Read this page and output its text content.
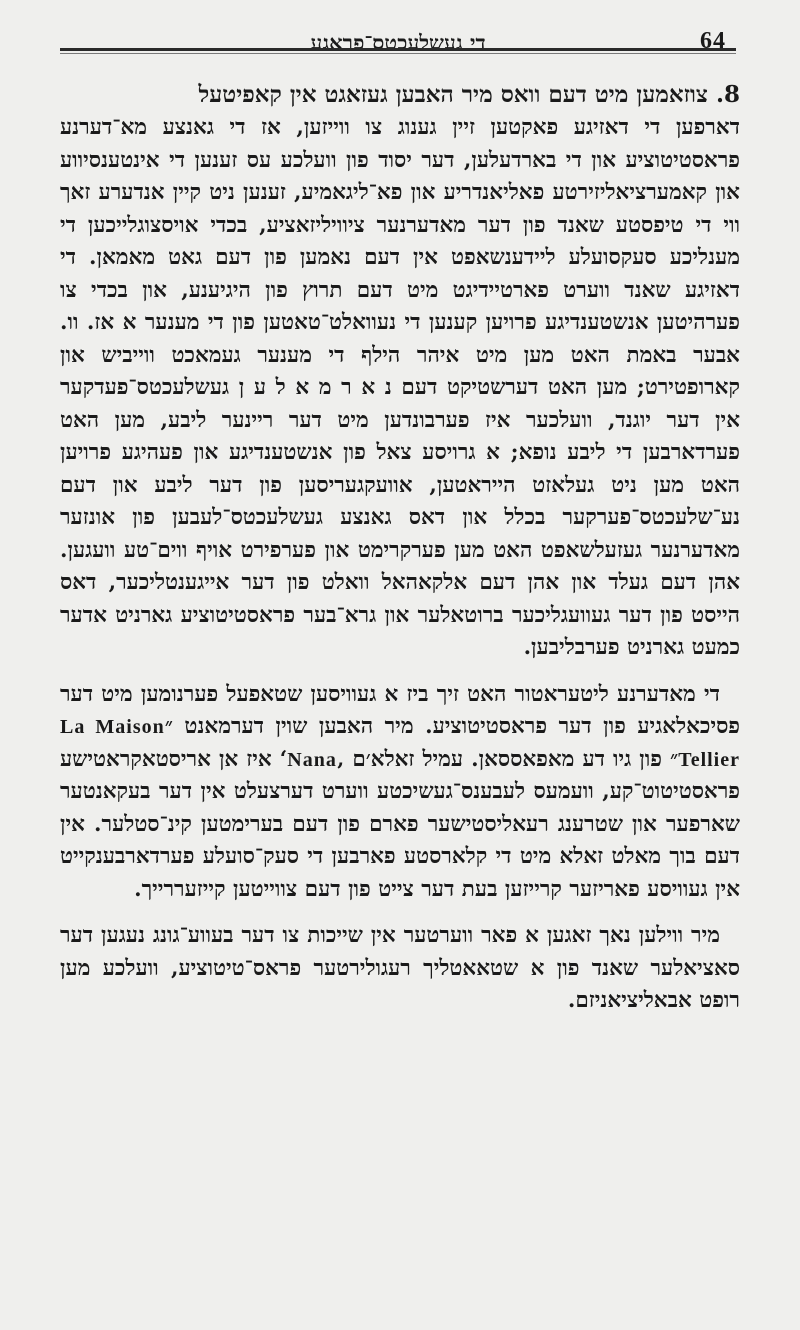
די געשלעכטס־פראגע	64

8. צוזאמען מיט דעם וואס מיר האבען געזאגט אין קאפיטעל

דארפען די דאזיגע פאקטען זיין גענוג צו ווייזען, אז די גאנצע מא־דערנע פראסטיטוציע און די בארדעלען, דער יסוד פון וועלכע עס זענען די אינטענסיווע און קאמערציאליזירטע פאליאנדריע און פא־ליגאמיע, זענען ניט קיין אנדערע זאך ווי די טיפסטע שאנד פון דער מאדערנער ציוויליזאציע, בכדי אויסצוגלייכען די מענליכע סעקסועלע ליידענשאפט אין דעם נאמען פון דעם גאט מאמאן. די דאזיגע שאנד ווערט פארטיידיגט מיט דעם תרוץ פון היגיענע, און בכדי צו פערהיטען אנשטענדיגע פרויען קענען די נעוואלט־טאטען פון די מענער א אז. וו. אבער באמת האט מען מיט איהר הילף די מענער געמאכט ווייביש און קארופטירט; מען האט דערשטיקט דעם נ א ר מ א ל ע ן געשלעכטס־פעדקער אין דער יוגנד, וועלכער איז פערבונדען מיט דער ריינער ליבע, מען האט פערדארבען די ליבע נופא; א גרויסע צאל פון אנשטענדיגע און פעהיגע פרויען האט מען ניט געלאזט הייראטען, אוועקגעריסען פון דער ליבע און דעם נע־שלעכטס־פערקער בכלל און דאס גאנצע געשלעכטס־לעבען פון אונזער מאדערנער געזעלשאפט האט מען פערקרימט און פערפירט אויף ווים־טע וועגען. אהן דעם געלד און אהן דעם אלקאהאל וואלט פון דער אייגענטליכער, דאס הייסט פון דער געוועגליכער ברוטאלער און גרא־בער פראסטיטוציע גארניט אדער כמעט גארניט פערבליבען.

די מאדערנע ליטעראטור האט זיך ביז א געוויסען שטאפעל פערנומען מיט דער פסיכאלאגיע פון דער פראסטיטוציע. מיר האבען שוין דערמאנט ״La Maison Tellier״ פון גיו דע מאפאססאן. עמיל זאלא׳ם ‚Nana‘ איז אן אריסטאקראטישע פראסטיטוט־קע, וועמעס לעבענס־געשיכטע ווערט דערצעלט אין דער בעקאנטער שארפער און שטרענג רעאליסטישער פארם פון דעם בערימטען קינ־סטלער. אין דעם בוך מאלט זאלא מיט די קלארסטע פארבען די סעק־סועלע פערדארבענקייט אין געוויסע פאריזער קרייזען בעת דער צייט פון דעם צווייטען קייזעררייך.

מיר ווילען נאך זאגען א פאר ווערטער אין שייכות צו דער בעווע־גונג נעגען דער סאציאלער שאנד פון א שטאאטליך רעגולירטער פראס־טיטוציע, וועלכע מען רופט אבאליציאניזם.
